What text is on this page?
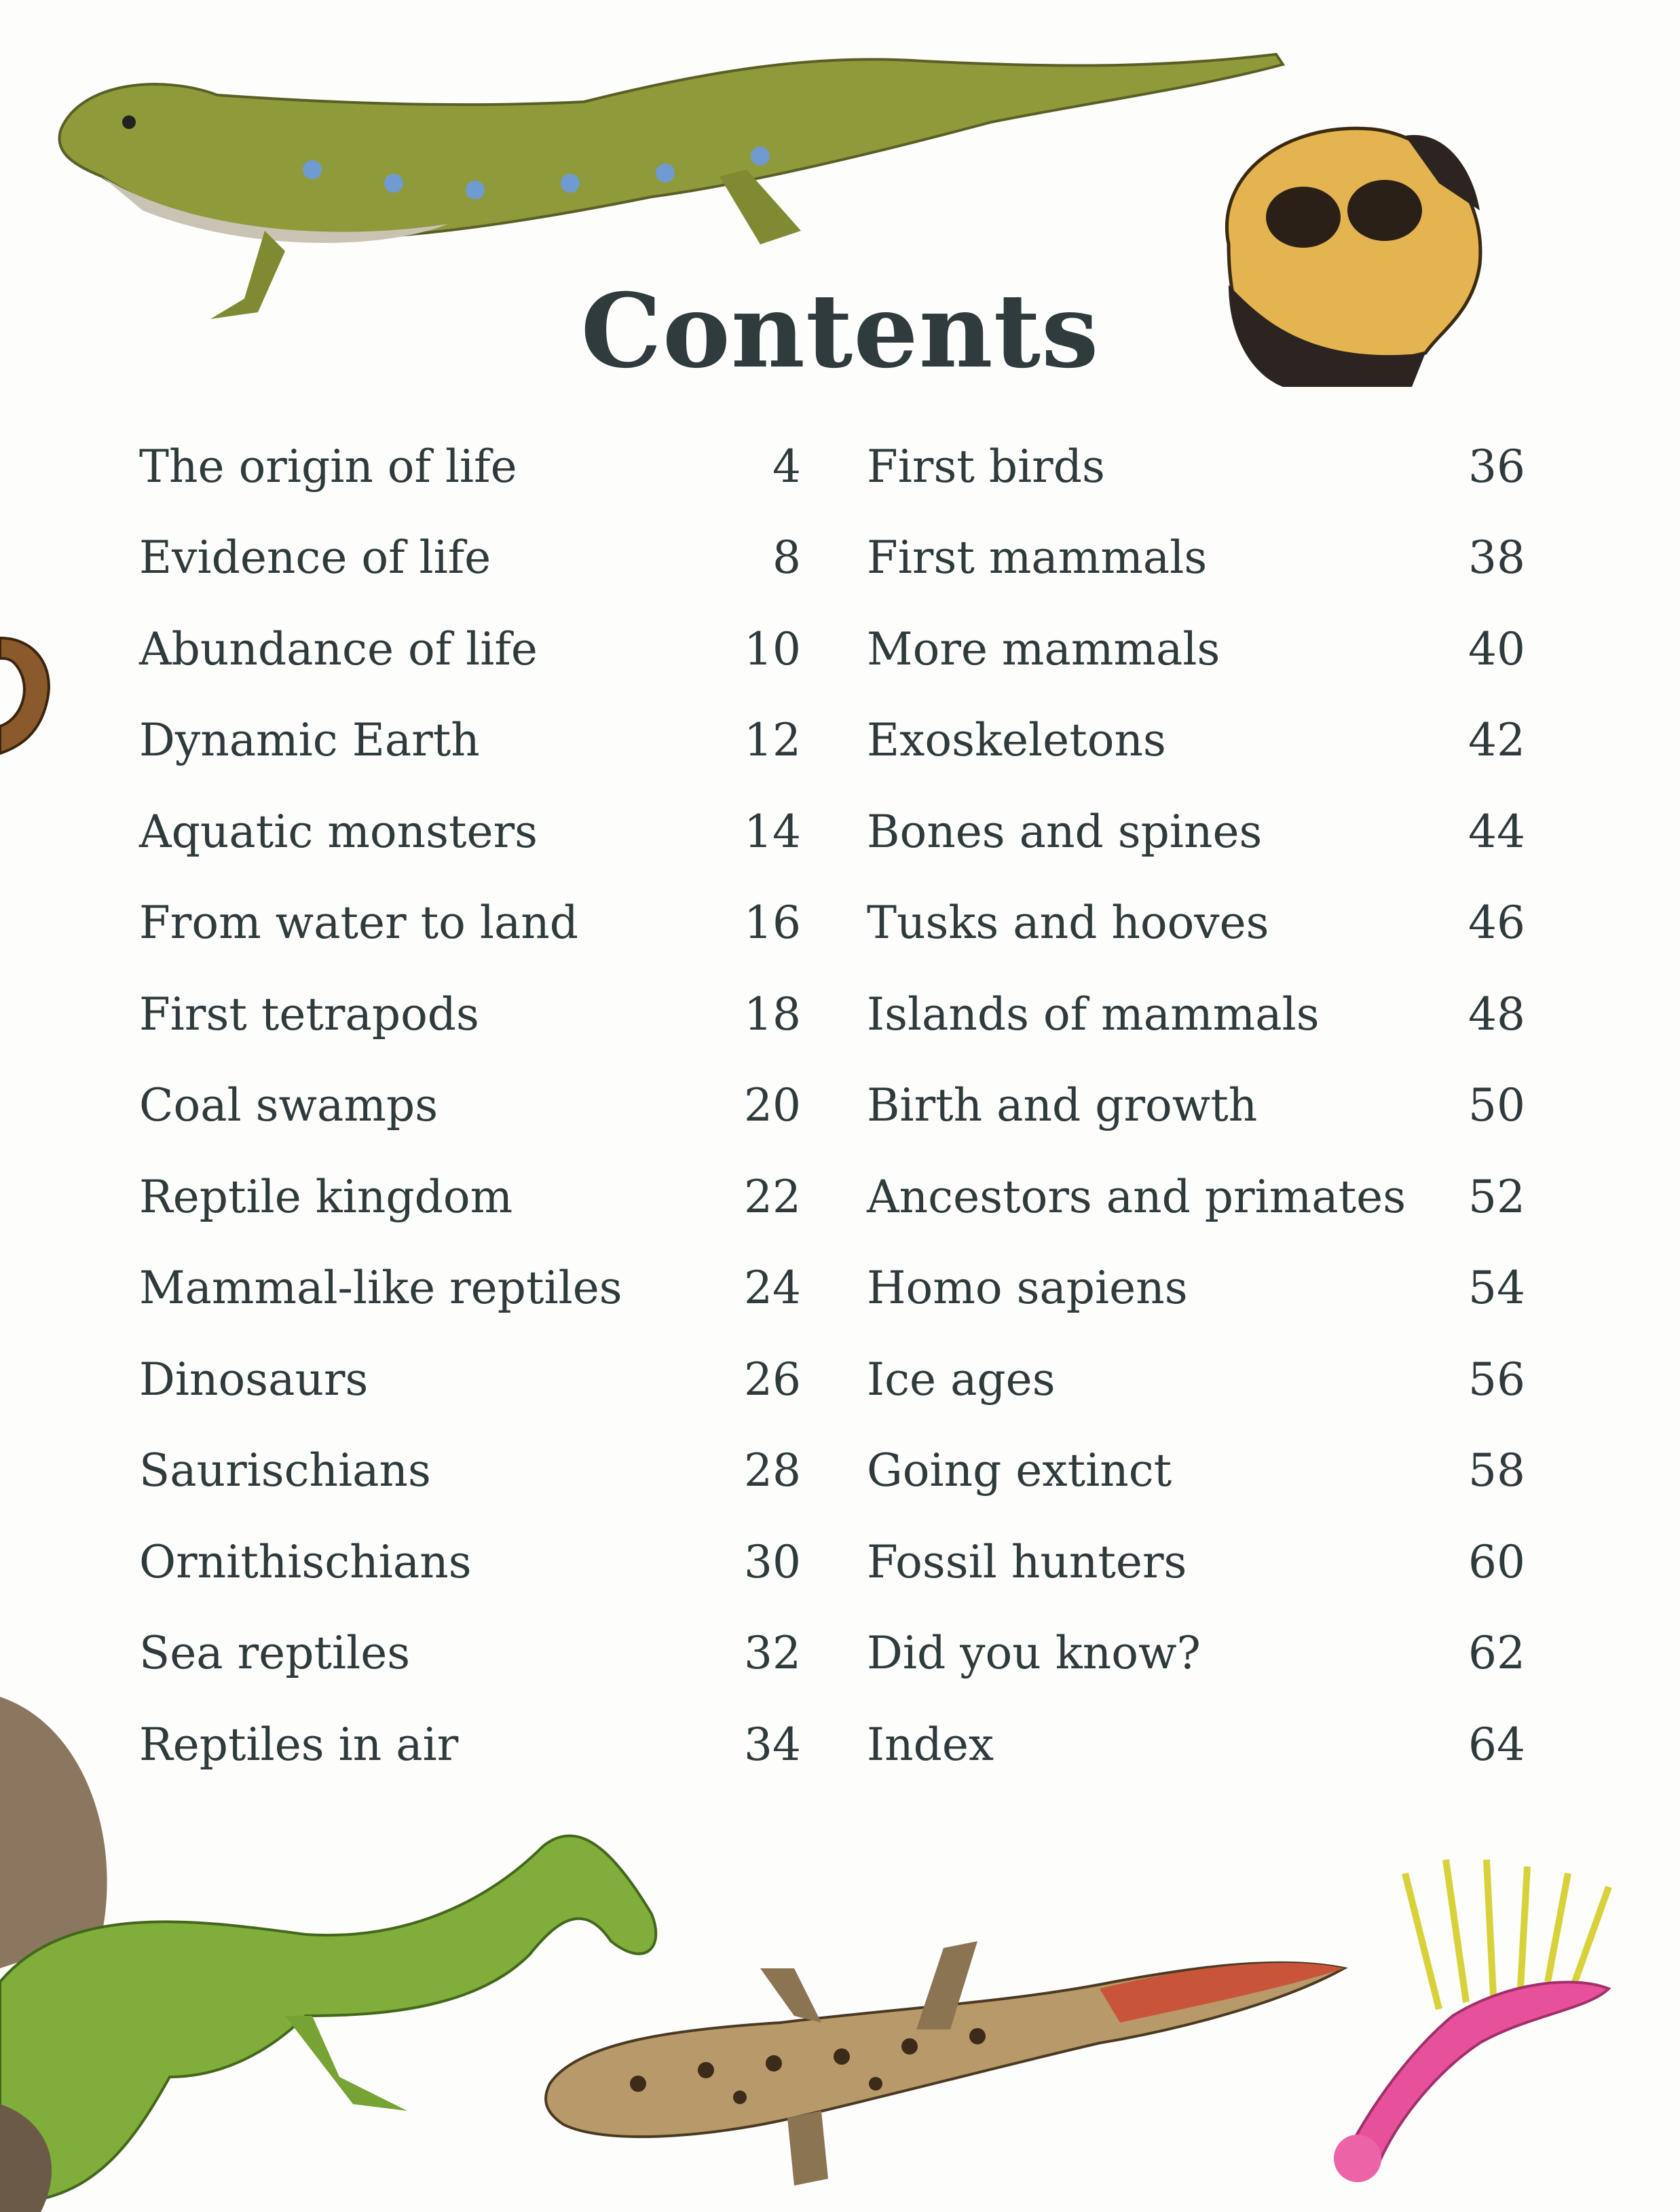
Contents
The origin of life	4
Evidence of life	8
Abundance of life	10
Dynamic Earth	12
Aquatic monsters	14
From water to land	16
First tetrapods	18
Coal swamps	20
Reptile kingdom	22
Mammal-like reptiles	24
Dinosaurs	26
Saurischians	28
Ornithischians	30
Sea reptiles	32
Reptiles in air	34
First birds	36
First mammals	38
More mammals	40
Exoskeletons	42
Bones and spines	44
Tusks and hooves	46
Islands of mammals	48
Birth and growth	50
Ancestors and primates 52
Homo sapiens	54
Ice ages	56
Going extinct	58
Fossil hunters	60
Did you know?	62
Index	64
